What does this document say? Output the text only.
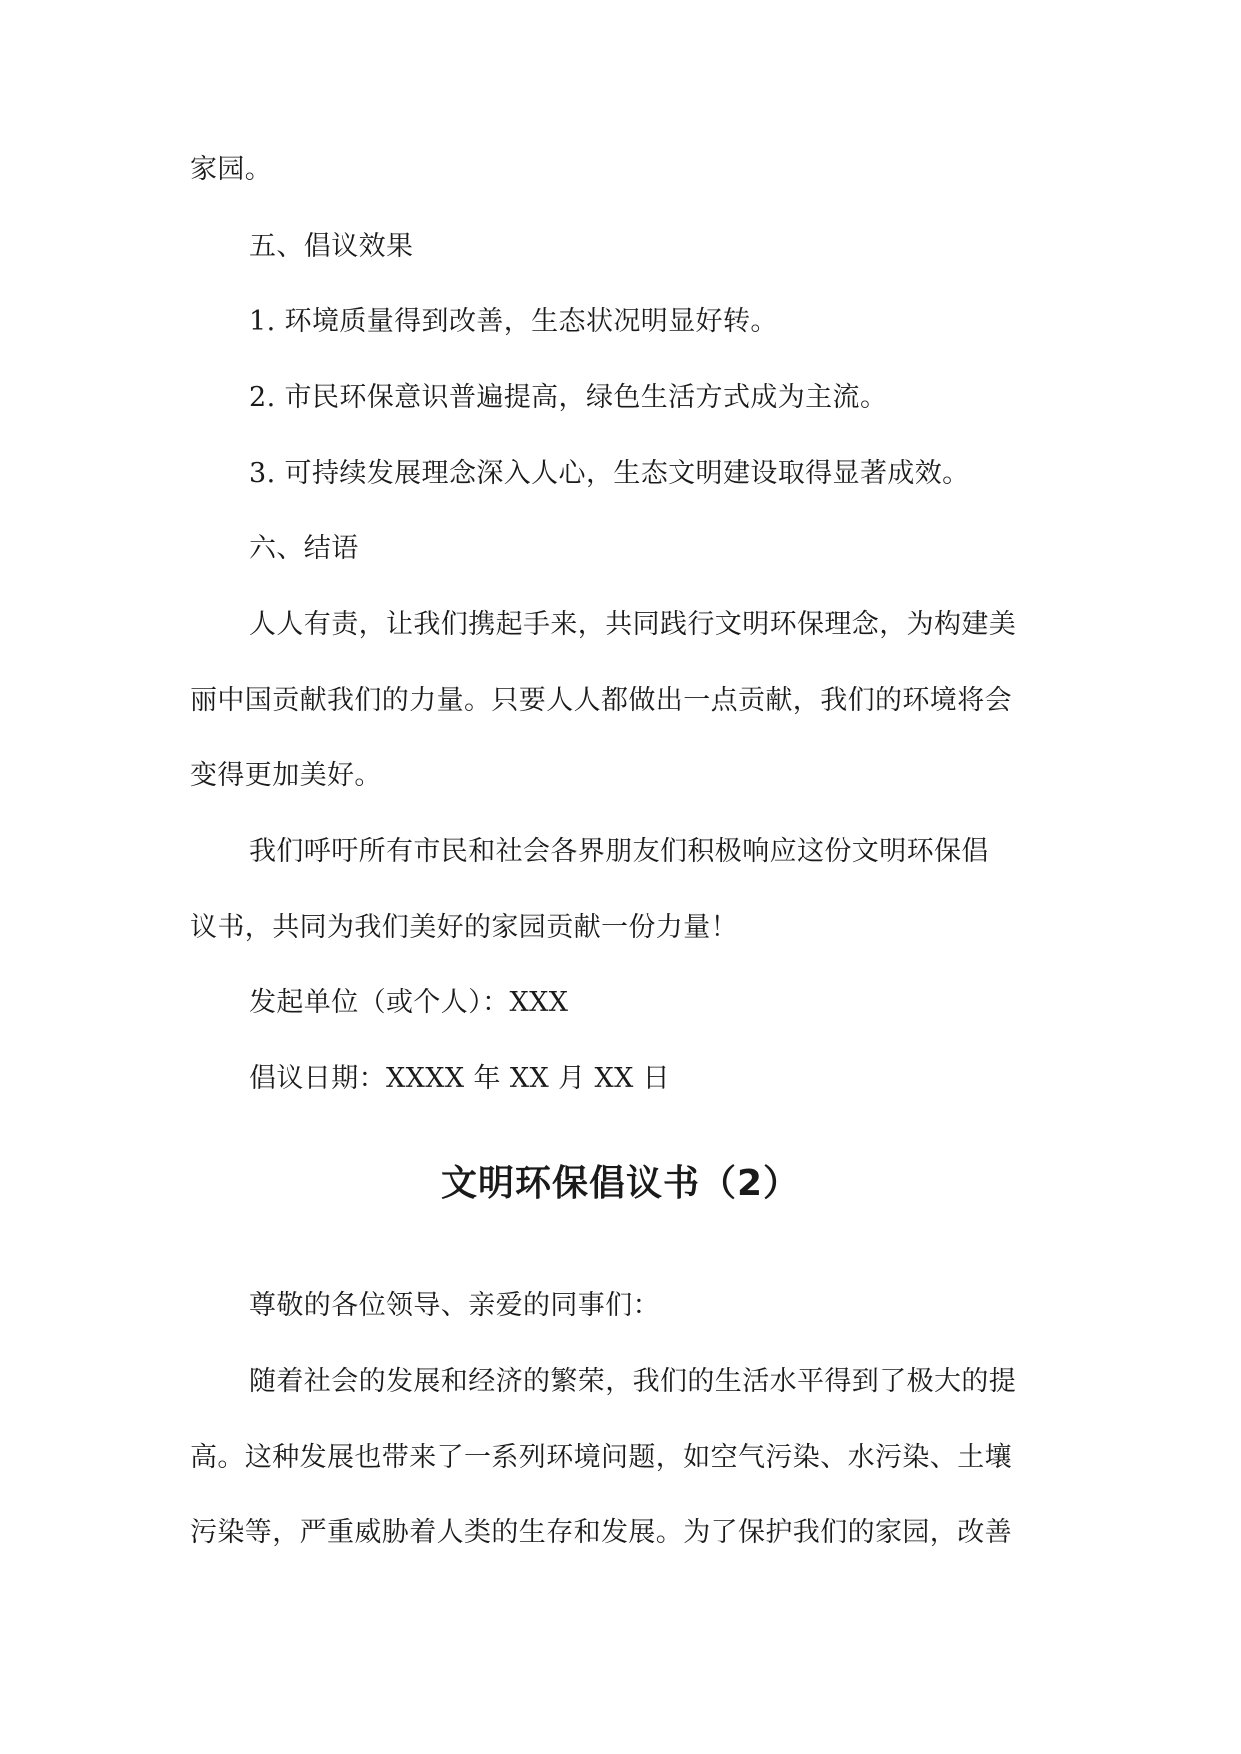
家园。
五、倡议效果
1. 环境质量得到改善，生态状况明显好转。
2. 市民环保意识普遍提高，绿色生活方式成为主流。
3. 可持续发展理念深入人心，生态文明建设取得显著成效。
六、结语
人人有责，让我们携起手来，共同践行文明环保理念，为构建美
丽中国贡献我们的力量。只要人人都做出一点贡献，我们的环境将会
变得更加美好。
我们呼吁所有市民和社会各界朋友们积极响应这份文明环保倡
议书，共同为我们美好的家园贡献一份力量！
发起单位（或个人）：XXX
倡议日期：XXXX 年 XX 月 XX 日
文明环保倡议书（2）
尊敬的各位领导、亲爱的同事们：
随着社会的发展和经济的繁荣，我们的生活水平得到了极大的提
高。这种发展也带来了一系列环境问题，如空气污染、水污染、土壤
污染等，严重威胁着人类的生存和发展。为了保护我们的家园，改善
